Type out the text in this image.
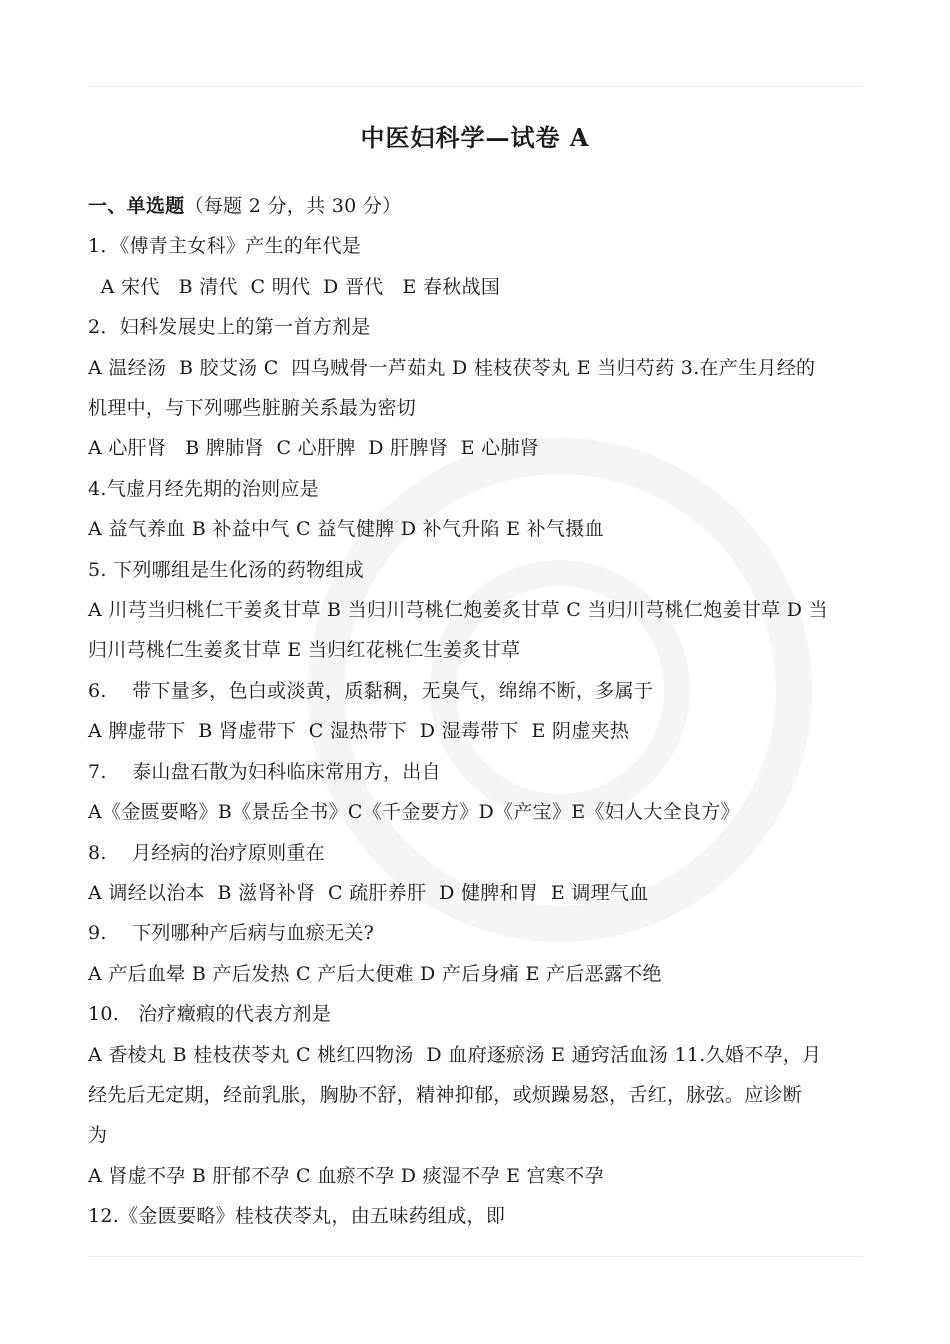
中医妇科学—试卷 A
一、单选题（每题 2 分，共 30 分）
1．《傅青主女科》产生的年代是
A 宋代   B 清代  C 明代  D 晋代   E 春秋战国
2．妇科发展史上的第一首方剂是
A 温经汤  B 胶艾汤 C  四乌贼骨一芦茹丸 D 桂枝茯苓丸 E 当归芍药 3.在产生月经的
机理中，与下列哪些脏腑关系最为密切
A 心肝肾   B 脾肺肾  C 心肝脾  D 肝脾肾  E 心肺肾
4.气虚月经先期的治则应是
A 益气养血 B 补益中气 C 益气健脾 D 补气升陷 E 补气摄血
5. 下列哪组是生化汤的药物组成
A 川芎当归桃仁干姜炙甘草 B 当归川芎桃仁炮姜炙甘草 C 当归川芎桃仁炮姜甘草 D 当
归川芎桃仁生姜炙甘草 E 当归红花桃仁生姜炙甘草
6.    带下量多，色白或淡黄，质黏稠，无臭气，绵绵不断，多属于
A 脾虚带下  B 肾虚带下  C 湿热带下  D 湿毒带下  E 阴虚夹热
7.    泰山盘石散为妇科临床常用方，出自
A《金匮要略》B《景岳全书》C《千金要方》D《产宝》E《妇人大全良方》
8.    月经病的治疗原则重在
A 调经以治本  B 滋肾补肾  C 疏肝养肝  D 健脾和胃  E 调理气血
9.    下列哪种产后病与血瘀无关?
A 产后血晕 B 产后发热 C 产后大便难 D 产后身痛 E 产后恶露不绝
10.   治疗癥瘕的代表方剂是
A 香棱丸 B 桂枝茯苓丸 C 桃红四物汤  D 血府逐瘀汤 E 通窍活血汤 11.久婚不孕，月
经先后无定期，经前乳胀，胸胁不舒，精神抑郁，或烦躁易怒，舌红，脉弦。应诊断
为
A 肾虚不孕 B 肝郁不孕 C 血瘀不孕 D 痰湿不孕 E 宫寒不孕
12.《金匮要略》桂枝茯苓丸，由五味药组成，即
